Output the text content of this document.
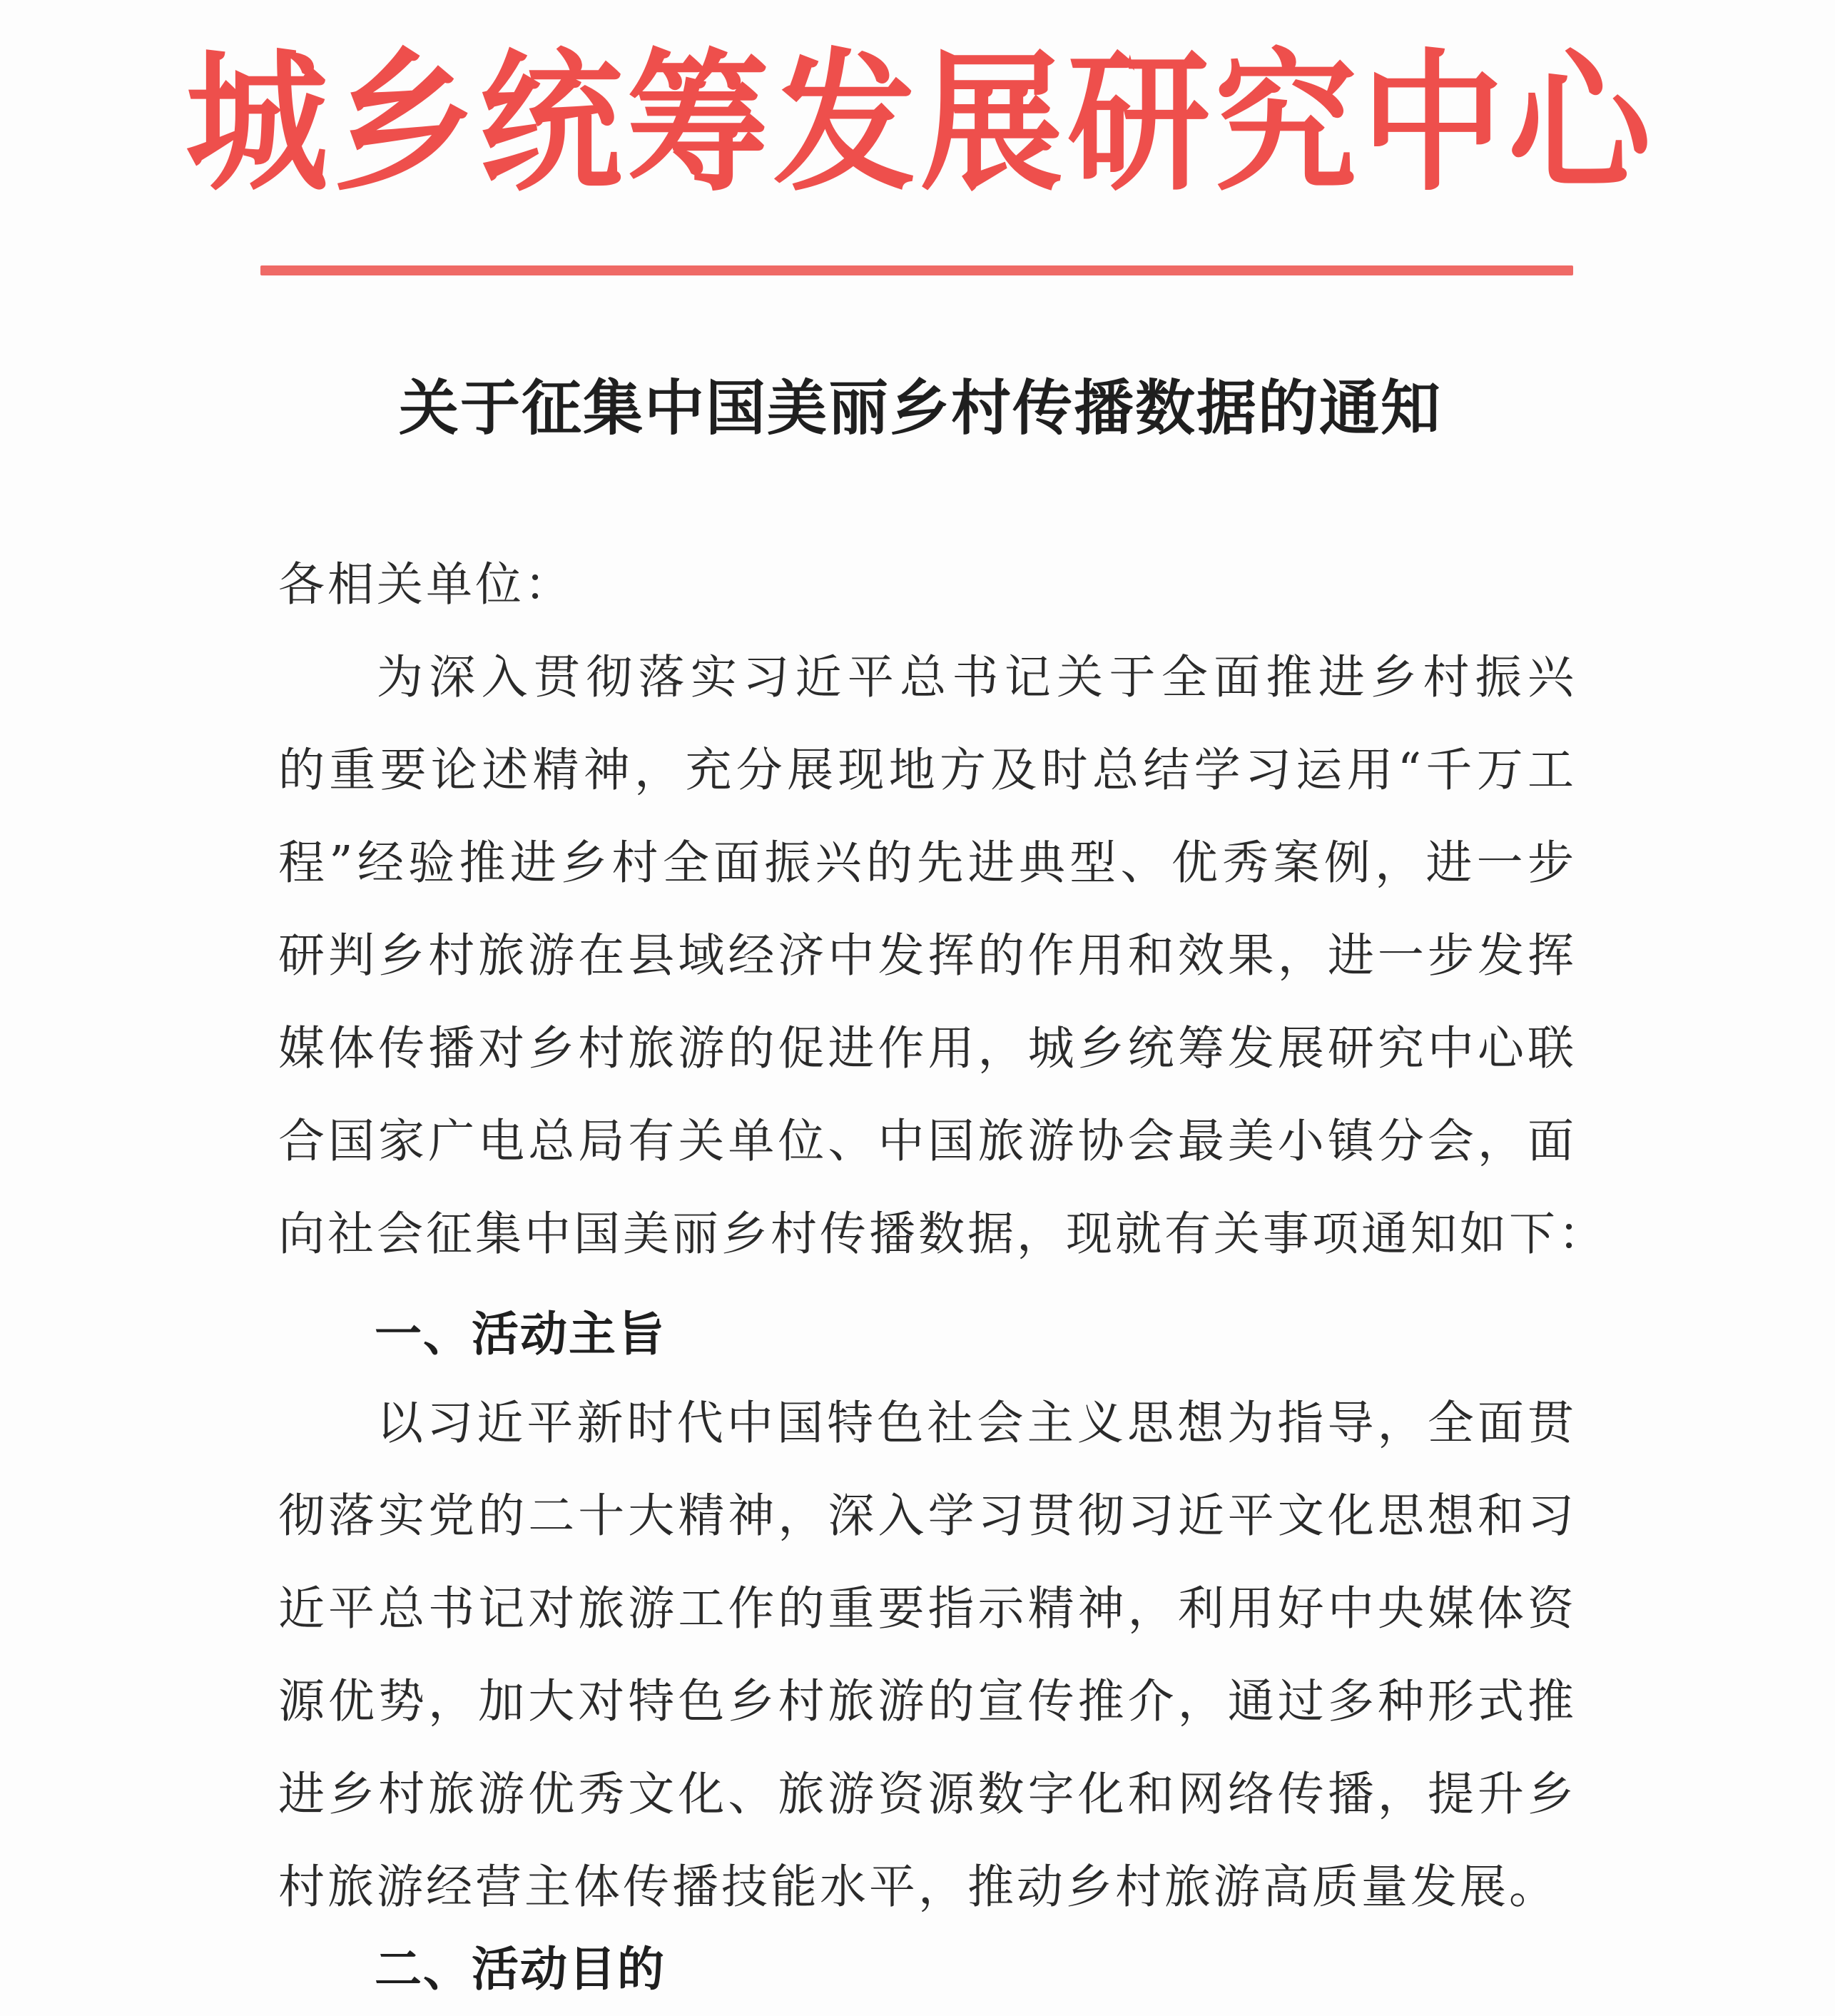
城乡统筹发展研究中心
关于征集中国美丽乡村传播数据的通知
各相关单位：
为深入贯彻落实习近平总书记关于全面推进乡村振兴
的重要论述精神，充分展现地方及时总结学习运用“千万工
程”经验推进乡村全面振兴的先进典型、优秀案例，进一步
研判乡村旅游在县域经济中发挥的作用和效果，进一步发挥
媒体传播对乡村旅游的促进作用，城乡统筹发展研究中心联
合国家广电总局有关单位、中国旅游协会最美小镇分会，面
向社会征集中国美丽乡村传播数据，现就有关事项通知如下：
一、活动主旨
以习近平新时代中国特色社会主义思想为指导，全面贯
彻落实党的二十大精神，深入学习贯彻习近平文化思想和习
近平总书记对旅游工作的重要指示精神，利用好中央媒体资
源优势，加大对特色乡村旅游的宣传推介，通过多种形式推
进乡村旅游优秀文化、旅游资源数字化和网络传播，提升乡
村旅游经营主体传播技能水平，推动乡村旅游高质量发展。
二、活动目的
